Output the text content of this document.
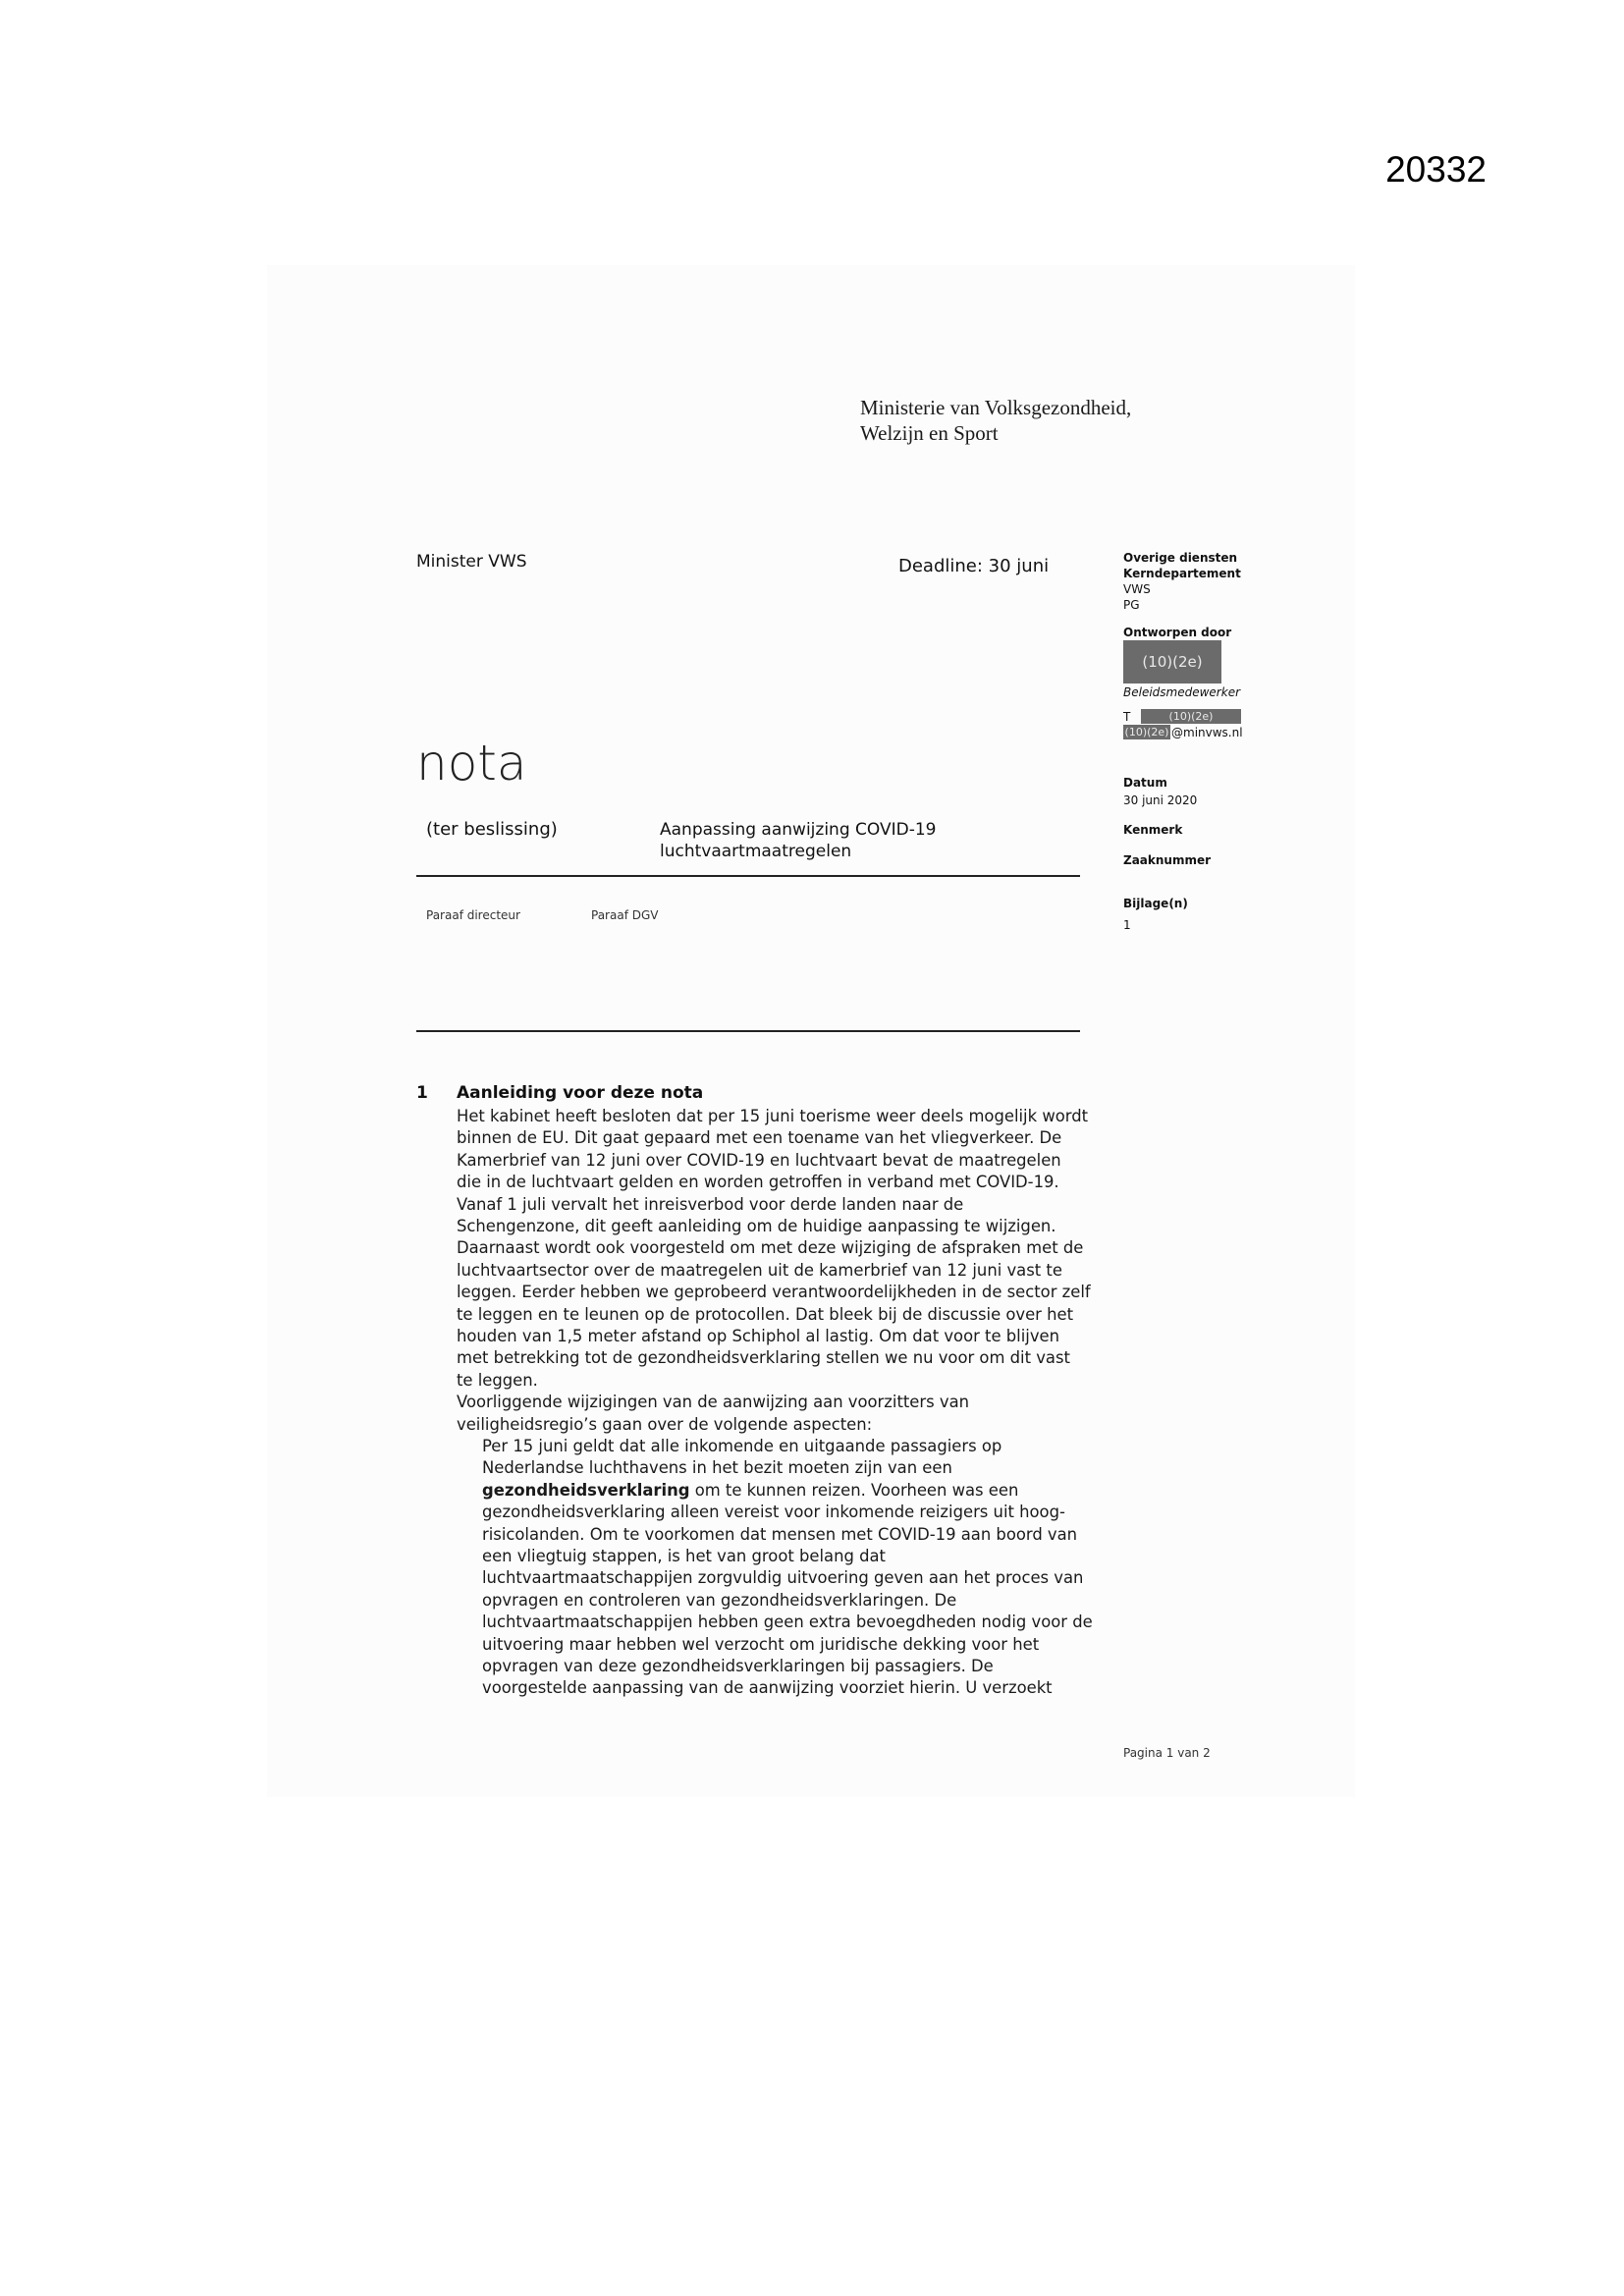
20332
Ministerie van Volksgezondheid,
Welzijn en Sport
Minister VWS	Deadline: 30 juni
nota
(ter beslissing)	Aanpassing aanwijzing COVID-19
luchtvaartmaatregelen
Paraaf directeur	Paraaf DGV
Overige diensten
Kerndepartement
VWS
PG
Ontworpen door
(10)(2e)
Beleidsmedewerker
T	(10)(2e)
(10)(2e) @minvws.nl
Datum
30 juni 2020
Kenmerk
Zaaknummer
Bijlage(n)
1
1 Aanleiding voor deze nota
Het kabinet heeft besloten dat per 15 juni toerisme weer deels mogelijk wordt
binnen de EU. Dit gaat gepaard met een toename van het vliegverkeer. De
Kamerbrief van 12 juni over COVID-19 en luchtvaart bevat de maatregelen
die in de luchtvaart gelden en worden getroffen in verband met COVID-19.
Vanaf 1 juli vervalt het inreisverbod voor derde landen naar de
Schengenzone, dit geeft aanleiding om de huidige aanpassing te wijzigen.
Daarnaast wordt ook voorgesteld om met deze wijziging de afspraken met de
luchtvaartsector over de maatregelen uit de kamerbrief van 12 juni vast te
leggen. Eerder hebben we geprobeerd verantwoordelijkheden in de sector zelf
te leggen en te leunen op de protocollen. Dat bleek bij de discussie over het
houden van 1,5 meter afstand op Schiphol al lastig. Om dat voor te blijven
met betrekking tot de gezondheidsverklaring stellen we nu voor om dit vast
te leggen.
Voorliggende wijzigingen van de aanwijzing aan voorzitters van
veiligheidsregio’s gaan over de volgende aspecten:
Per 15 juni geldt dat alle inkomende en uitgaande passagiers op
Nederlandse luchthavens in het bezit moeten zijn van een
gezondheidsverklaring om te kunnen reizen. Voorheen was een
gezondheidsverklaring alleen vereist voor inkomende reizigers uit hoog-
risicolanden. Om te voorkomen dat mensen met COVID-19 aan boord van
een vliegtuig stappen, is het van groot belang dat
luchtvaartmaatschappijen zorgvuldig uitvoering geven aan het proces van
opvragen en controleren van gezondheidsverklaringen. De
luchtvaartmaatschappijen hebben geen extra bevoegdheden nodig voor de
uitvoering maar hebben wel verzocht om juridische dekking voor het
opvragen van deze gezondheidsverklaringen bij passagiers. De
voorgestelde aanpassing van de aanwijzing voorziet hierin. U verzoekt
Pagina 1 van 2
